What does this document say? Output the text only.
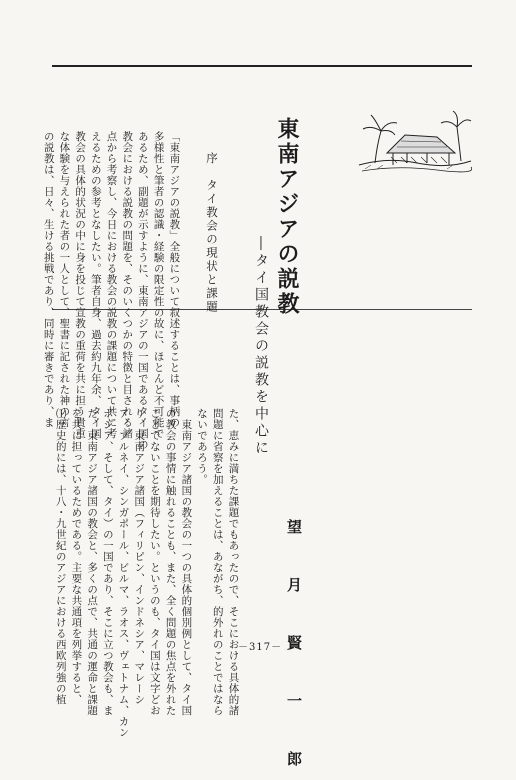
東南アジアの説教
―タイ国教会の説教を中心に
望　月　賢　一　郎
序　タイ教会の現状と課題
「東南アジアの説教」全般について叙述することは、事柄の
多様性と筆者の認識・経験の限定性の故に、ほとんど不可能で
あるため、副題が示すように、東南アジアの一国であるタイ国の
教会における説教の問題を、そのいくつかの特徴と目される諸
点から考察し、今日における教会の説教の課題について共に考
えるための参考となしたい。筆者自身、過去約九年余、タイ国
教会の具体的状況の中に身を投じて宣教の重荷を共に担う貴重
な体験を与えられた者の一人として、聖書に記された神の言
の説教は、日々、生ける挑戦であり、同時に審きであり、ま
た、恵みに満ちた課題でもあったので、そこにおける具体的諸
問題に省察を加えることは、あながち、的外れのことではなら
ないであろう。
　東南アジア諸国の教会の一つの具体的個別例として、タイ国
の教会の事情に触れることも、また、全く問題の焦点を外れた
ことでないことを期待したい。というのも、タイ国は文字どお
り、東南アジア諸国（フィリピン、インドネシア、マレーシ
ア、ブルネイ、シンガポール、ビルマ、ラオス、ヴェトナム、カン
ボジア、そして、タイ）の一国であり、そこに立つ教会も、ま
た、東南アジア諸国の教会と、多くの点で、共通の運命と課題
を共に担っているためである。主要な共通項を列挙すると、
⑴歴史的には、十八・九世紀のアジアにおける西欧列強の植	－317－
